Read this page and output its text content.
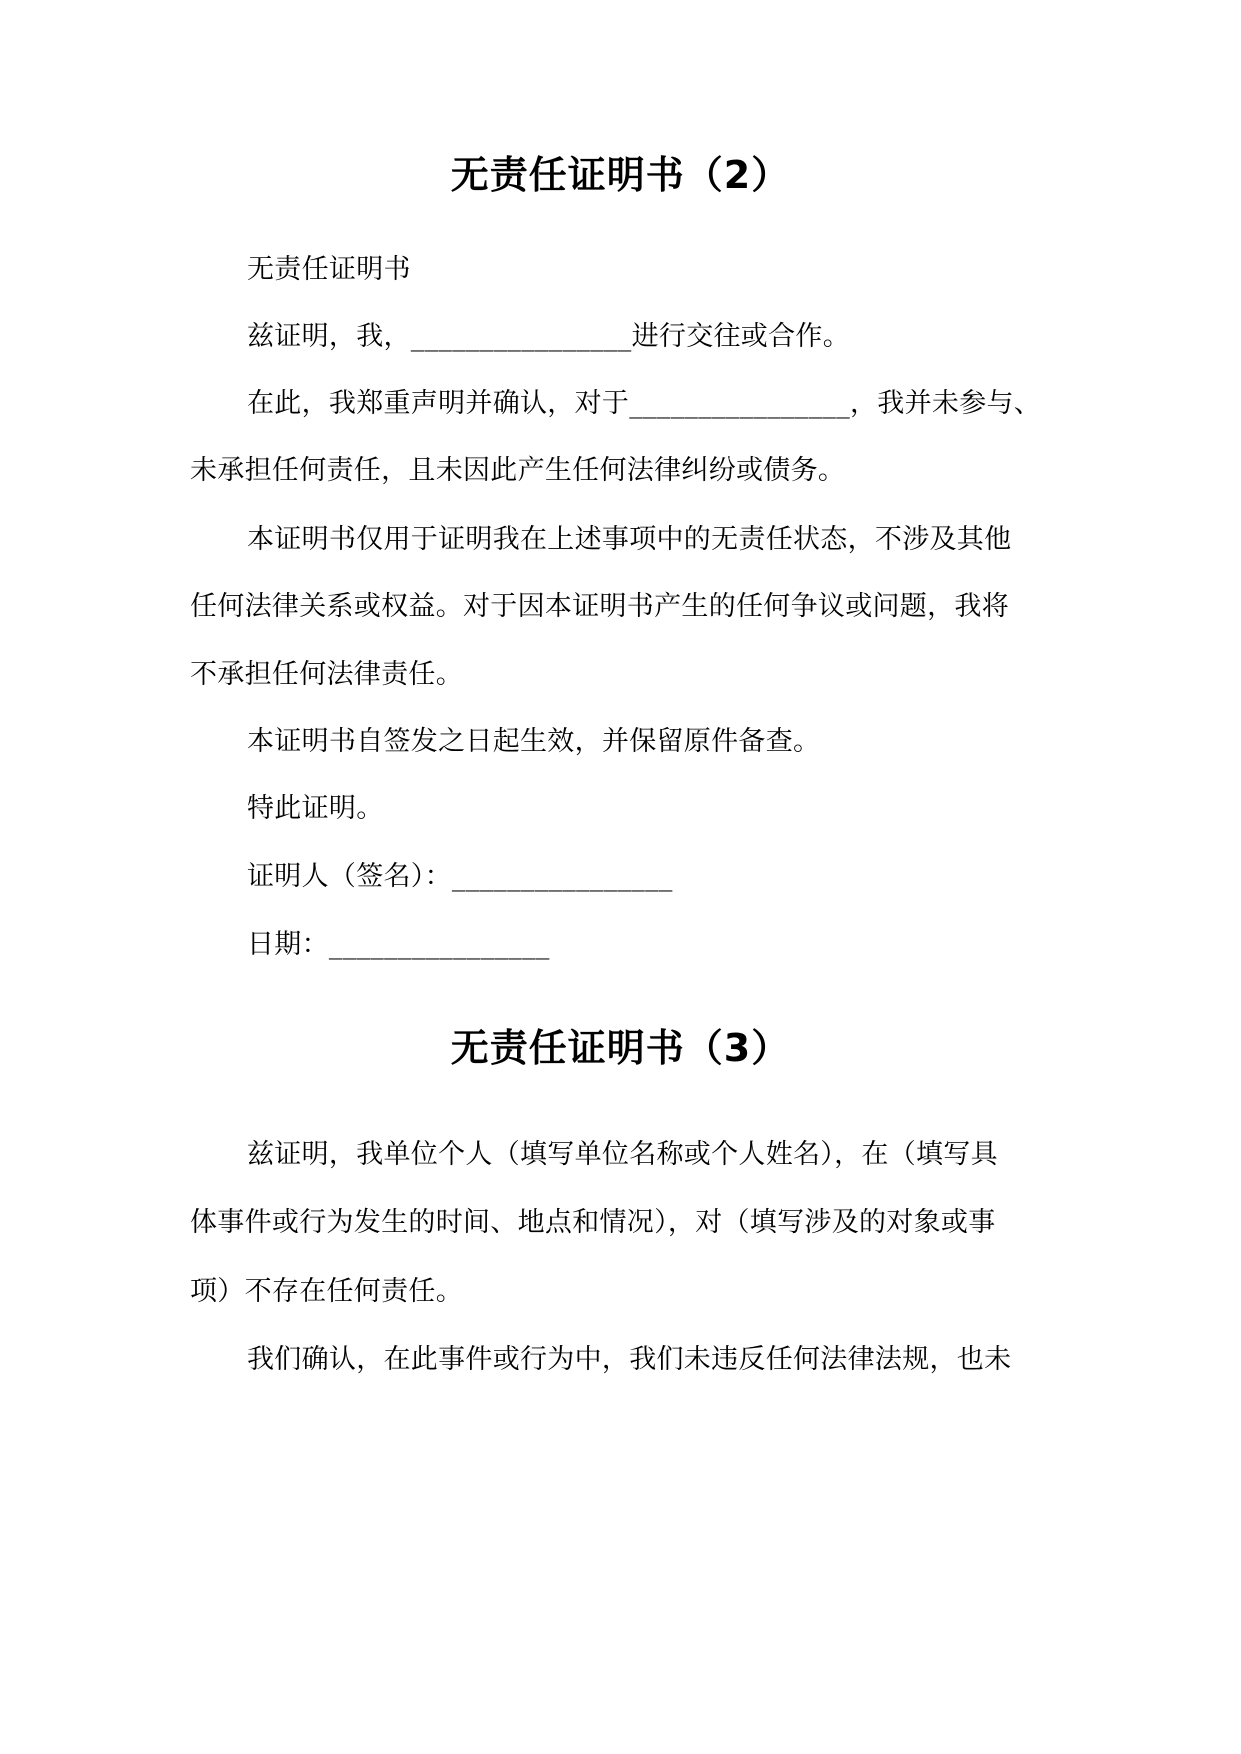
无责任证明书（2）

无责任证明书

兹证明，我，________________进行交往或合作。

在此，我郑重声明并确认，对于________________，我并未参与、

未承担任何责任，且未因此产生任何法律纠纷或债务。

本证明书仅用于证明我在上述事项中的无责任状态，不涉及其他

任何法律关系或权益。对于因本证明书产生的任何争议或问题，我将

不承担任何法律责任。

本证明书自签发之日起生效，并保留原件备查。

特此证明。

证明人（签名）：________________

日期：________________

无责任证明书（3）

兹证明，我单位个人（填写单位名称或个人姓名），在（填写具

体事件或行为发生的时间、地点和情况），对（填写涉及的对象或事

项）不存在任何责任。

我们确认，在此事件或行为中，我们未违反任何法律法规，也未
